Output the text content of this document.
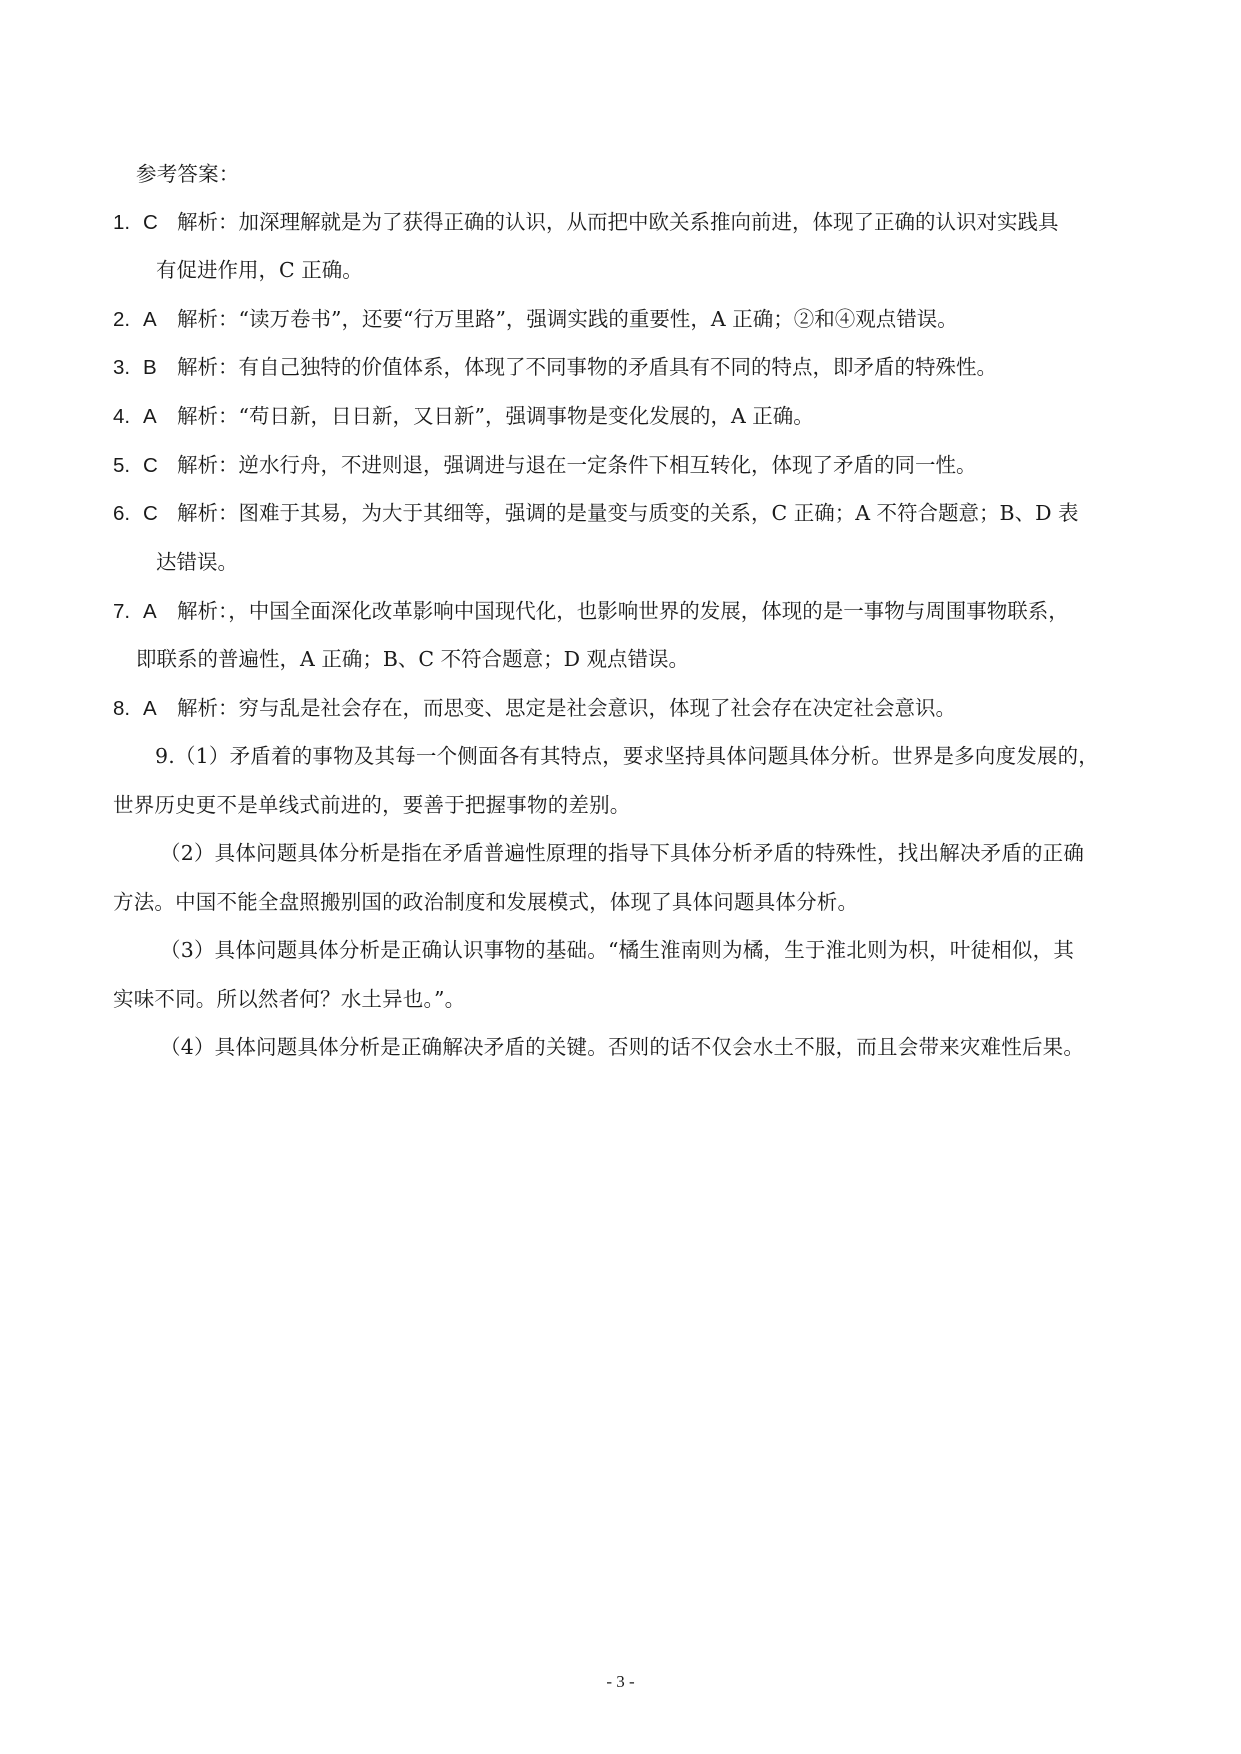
参考答案：
1. C 解析：加深理解就是为了获得正确的认识，从而把中欧关系推向前进，体现了正确的认识对实践具
有促进作用，C 正确。
2. A 解析：“读万卷书”，还要“行万里路”，强调实践的重要性，A 正确；②和④观点错误。
3. B 解析：有自己独特的价值体系，体现了不同事物的矛盾具有不同的特点，即矛盾的特殊性。
4. A 解析：“苟日新，日日新，又日新”，强调事物是变化发展的，A 正确。
5. C 解析：逆水行舟，不进则退，强调进与退在一定条件下相互转化，体现了矛盾的同一性。
6. C 解析：图难于其易，为大于其细等，强调的是量变与质变的关系，C 正确；A 不符合题意；B、D 表
达错误。
7. A 解析：，中国全面深化改革影响中国现代化，也影响世界的发展，体现的是一事物与周围事物联系，
即联系的普遍性，A 正确；B、C 不符合题意；D 观点错误。
8. A 解析：穷与乱是社会存在，而思变、思定是社会意识，体现了社会存在决定社会意识。
9.（1）矛盾着的事物及其每一个侧面各有其特点，要求坚持具体问题具体分析。世界是多向度发展的，
世界历史更不是单线式前进的，要善于把握事物的差别。
（2）具体问题具体分析是指在矛盾普遍性原理的指导下具体分析矛盾的特殊性，找出解决矛盾的正确
方法。中国不能全盘照搬别国的政治制度和发展模式，体现了具体问题具体分析。
（3）具体问题具体分析是正确认识事物的基础。“橘生淮南则为橘，生于淮北则为枳，叶徒相似，其
实味不同。所以然者何？水土异也。”。
（4）具体问题具体分析是正确解决矛盾的关键。否则的话不仅会水土不服，而且会带来灾难性后果。
- 3 -
